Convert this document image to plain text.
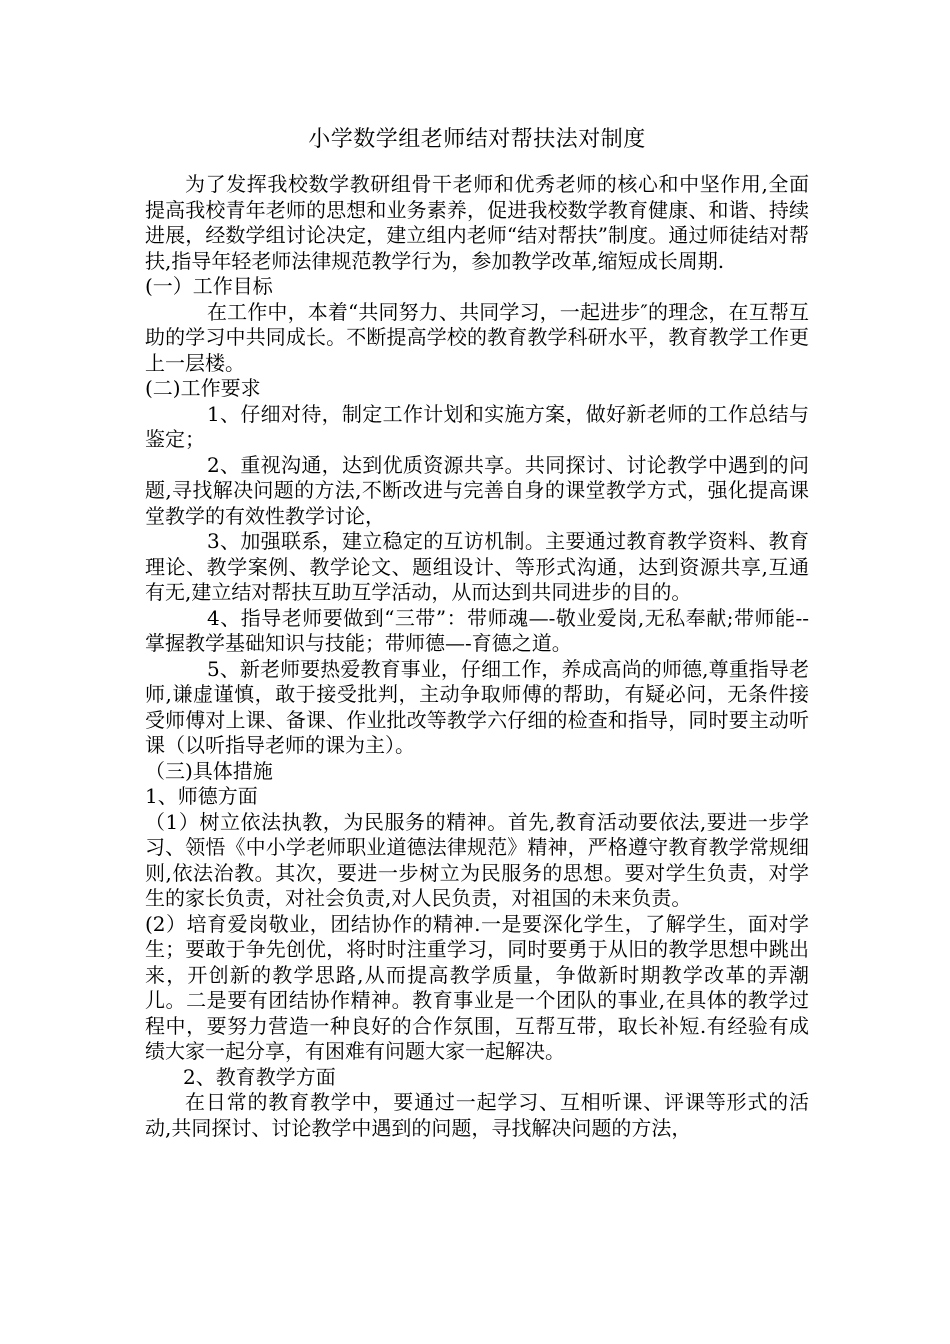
小学数学组老师结对帮扶法对制度

为了发挥我校数学教研组骨干老师和优秀老师的核心和中坚作用,全面提高我校青年老师的思想和业务素养，促进我校数学教育健康、和谐、持续进展，经数学组讨论决定，建立组内老师“结对帮扶”制度。通过师徒结对帮扶,指导年轻老师法律规范教学行为，参加教学改革,缩短成长周期.

(一）工作目标

在工作中，本着“共同努力、共同学习，一起进步″的理念，在互帮互助的学习中共同成长。不断提高学校的教育教学科研水平，教育教学工作更上一层楼。

(二)工作要求

1、仔细对待，制定工作计划和实施方案，做好新老师的工作总结与鉴定；

2、重视沟通，达到优质资源共享。共同探讨、讨论教学中遇到的问题,寻找解决问题的方法,不断改进与完善自身的课堂教学方式，强化提高课堂教学的有效性教学讨论，

3、加强联系，建立稳定的互访机制。主要通过教育教学资料、教育理论、教学案例、教学论文、题组设计、等形式沟通，达到资源共享,互通有无,建立结对帮扶互助互学活动，从而达到共同进步的目的。

4、指导老师要做到“三带”：带师魂—-敬业爱岗,无私奉献;带师能--掌握教学基础知识与技能；带师德—-育德之道。

5、新老师要热爱教育事业，仔细工作，养成高尚的师德,尊重指导老师,谦虚谨慎，敢于接受批判，主动争取师傅的帮助，有疑必问，无条件接受师傅对上课、备课、作业批改等教学六仔细的检查和指导，同时要主动听课（以听指导老师的课为主）。

（三)具体措施

1、师德方面

（1）树立依法执教，为民服务的精神。首先,教育活动要依法,要进一步学习、领悟《中小学老师职业道德法律规范》精神，严格遵守教育教学常规细则,依法治教。其次，要进一步树立为民服务的思想。要对学生负责，对学生的家长负责，对社会负责,对人民负责，对祖国的未来负责。

(2）培育爱岗敬业，团结协作的精神.一是要深化学生，了解学生，面对学生；要敢于争先创优，将时时注重学习，同时要勇于从旧的教学思想中跳出来，开创新的教学思路,从而提高教学质量，争做新时期教学改革的弄潮儿。二是要有团结协作精神。教育事业是一个团队的事业,在具体的教学过程中，要努力营造一种良好的合作氛围，互帮互带，取长补短.有经验有成绩大家一起分享，有困难有问题大家一起解决。

2、教育教学方面

在日常的教育教学中，要通过一起学习、互相听课、评课等形式的活动,共同探讨、讨论教学中遇到的问题，寻找解决问题的方法，
